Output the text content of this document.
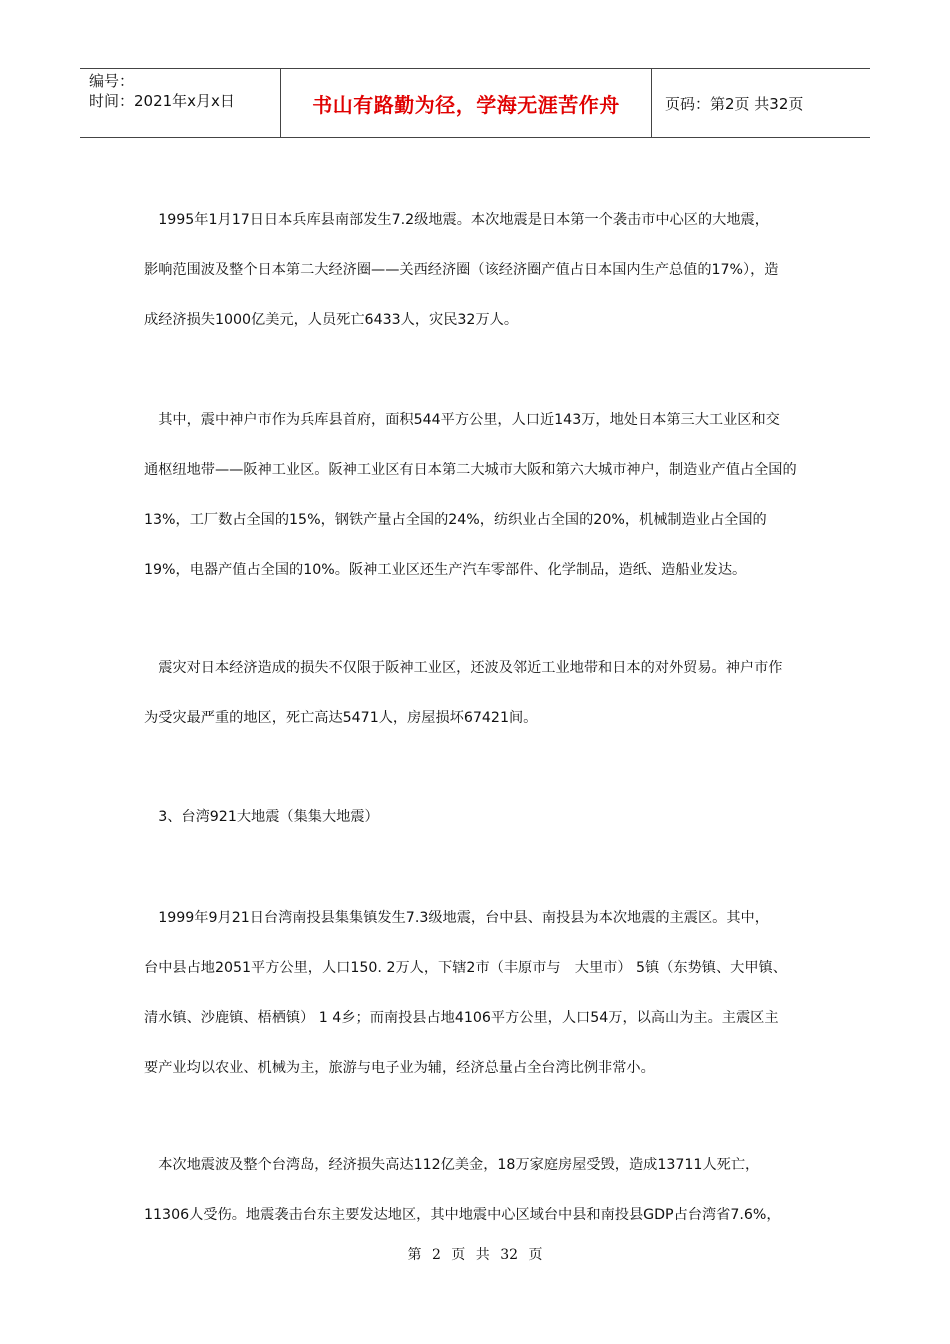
编号：
时间：2021年x月x日	书山有路勤为径，学海无涯苦作舟	页码：第2页 共32页
　1995年1月17日日本兵库县南部发生7.2级地震。本次地震是日本第一个袭击市中心区的大地震，
影响范围波及整个日本第二大经济圈——关西经济圈（该经济圈产值占日本国内生产总值的17%），造
成经济损失1000亿美元，人员死亡6433人，灾民32万人。
　其中，震中神户市作为兵库县首府，面积544平方公里，人口近143万，地处日本第三大工业区和交
通枢纽地带——阪神工业区。阪神工业区有日本第二大城市大阪和第六大城市神户，制造业产值占全国的
13%，工厂数占全国的15%，钢铁产量占全国的24%，纺织业占全国的20%，机械制造业占全国的
19%，电器产值占全国的10%。阪神工业区还生产汽车零部件、化学制品，造纸、造船业发达。
　震灾对日本经济造成的损失不仅限于阪神工业区，还波及邻近工业地带和日本的对外贸易。神户市作
为受灾最严重的地区，死亡高达5471人，房屋损坏67421间。
　3、台湾921大地震（集集大地震）
　1999年9月21日台湾南投县集集镇发生7.3级地震，台中县、南投县为本次地震的主震区。其中，
台中县占地2051平方公里，人口150. 2万人，下辖2市（丰原市与　大里市） 5镇（东势镇、大甲镇、
清水镇、沙鹿镇、梧栖镇） 1 4乡；而南投县占地4106平方公里，人口54万，以高山为主。主震区主
要产业均以农业、机械为主，旅游与电子业为辅，经济总量占全台湾比例非常小。
　本次地震波及整个台湾岛，经济损失高达112亿美金，18万家庭房屋受毁，造成13711人死亡，
11306人受伤。地震袭击台东主要发达地区，其中地震中心区域台中县和南投县GDP占台湾省7.6%，
第 2 页 共 32 页
